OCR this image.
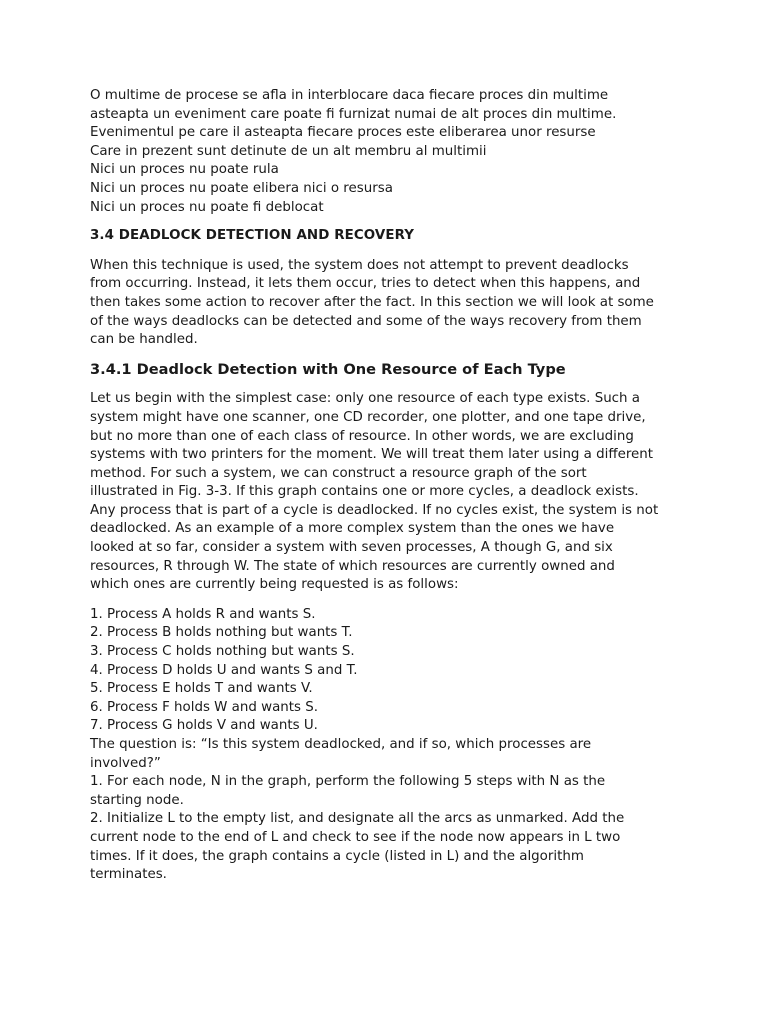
O multime de procese se afla in interblocare daca fiecare proces din multime
asteapta un eveniment care poate fi furnizat numai de alt proces din multime.
Evenimentul pe care il asteapta fiecare proces este eliberarea unor resurse
Care in prezent sunt detinute de un alt membru al multimii
Nici un proces nu poate rula
Nici un proces nu poate elibera nici o resursa
Nici un proces nu poate fi deblocat
3.4 DEADLOCK DETECTION AND RECOVERY
When this technique is used, the system does not attempt to prevent deadlocks
from occurring. Instead, it lets them occur, tries to detect when this happens, and
then takes some action to recover after the fact. In this section we will look at some
of the ways deadlocks can be detected and some of the ways recovery from them
can be handled.
3.4.1 Deadlock Detection with One Resource of Each Type
Let us begin with the simplest case: only one resource of each type exists. Such a
system might have one scanner, one CD recorder, one plotter, and one tape drive,
but no more than one of each class of resource. In other words, we are excluding
systems with two printers for the moment. We will treat them later using a different
method. For such a system, we can construct a resource graph of the sort
illustrated in Fig. 3-3. If this graph contains one or more cycles, a deadlock exists.
Any process that is part of a cycle is deadlocked. If no cycles exist, the system is not
deadlocked. As an example of a more complex system than the ones we have
looked at so far, consider a system with seven processes, A though G, and six
resources, R through W. The state of which resources are currently owned and
which ones are currently being requested is as follows:
1. Process A holds R and wants S.
2. Process B holds nothing but wants T.
3. Process C holds nothing but wants S.
4. Process D holds U and wants S and T.
5. Process E holds T and wants V.
6. Process F holds W and wants S.
7. Process G holds V and wants U.
The question is: “Is this system deadlocked, and if so, which processes are
involved?”
1. For each node, N in the graph, perform the following 5 steps with N as the
starting node.
2. Initialize L to the empty list, and designate all the arcs as unmarked. Add the
current node to the end of L and check to see if the node now appears in L two
times. If it does, the graph contains a cycle (listed in L) and the algorithm
terminates.
